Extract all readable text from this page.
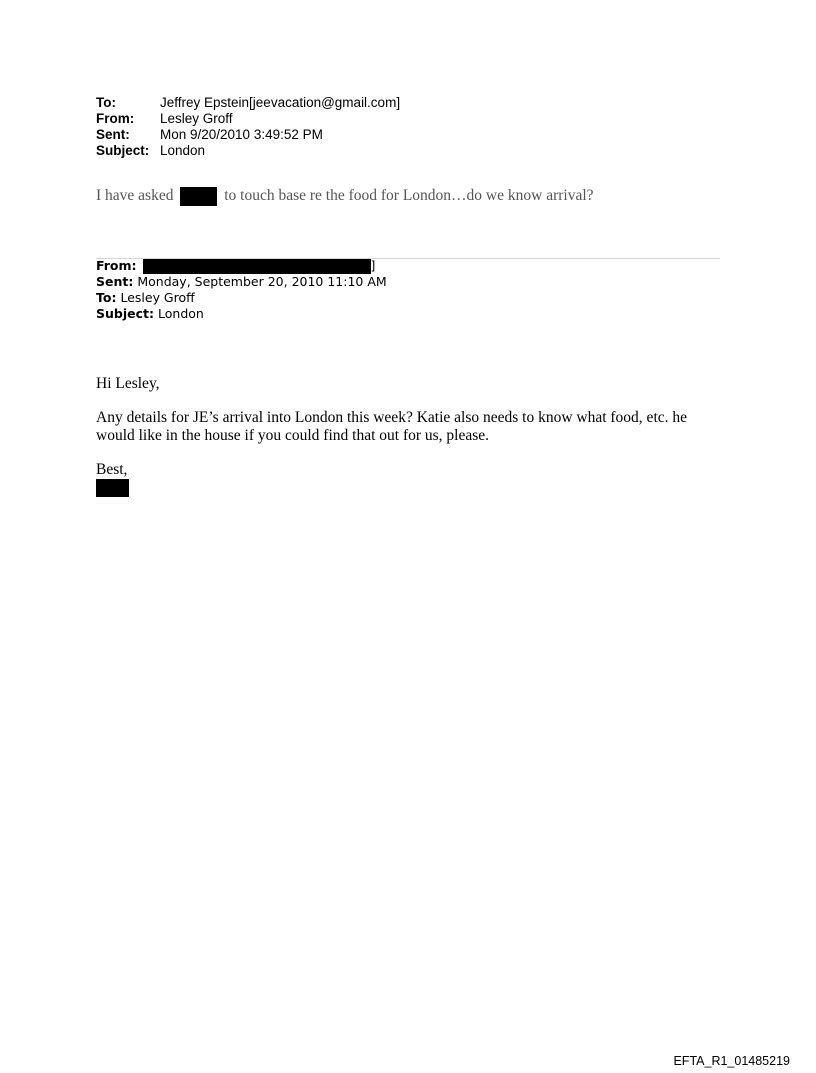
To:	Jeffrey Epstein[jeevacation@gmail.com]
From:	Lesley Groff
Sent:	Mon 9/20/2010 3:49:52 PM
Subject: London
I have asked	to touch base re the food for London…do we know arrival?
From:	]
Sent: Monday, September 20, 2010 11:10 AM
To: Lesley Groff
Subject: London

Hi Lesley,

Any details for JE’s arrival into London this week? Katie also needs to know what food, etc. he would like in the house if you could find that out for us, please.

Best,
EFTA_R1_01485219
